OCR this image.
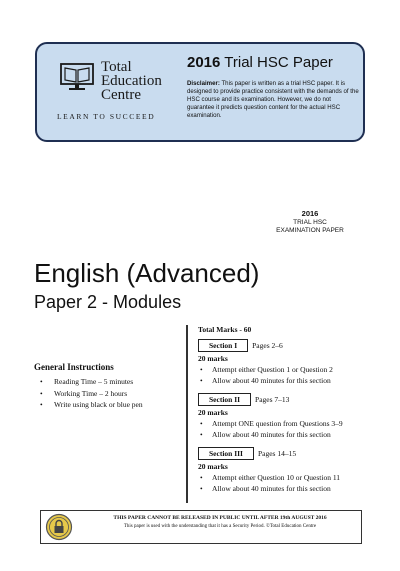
Total
Education
Centre
LEARN TO SUCCEED
2016 Trial HSC Paper
Disclaimer: This paper is written as a trial HSC paper. It is designed to provide practice consistent with the demands of the HSC course and its examination. However, we do not guarantee it predicts question content for the actual HSC examination.
2016
TRIAL HSC
EXAMINATION PAPER
English (Advanced)
Paper 2 - Modules
General Instructions
• Reading Time – 5 minutes
• Working Time – 2 hours
• Write using black or blue pen
Total Marks - 60
Section I	Pages 2–6
20 marks
• Attempt either Question 1 or Question 2
• Allow about 40 minutes for this section
Section II	Pages 7–13
20 marks
• Attempt ONE question from Questions 3–9
• Allow about 40 minutes for this section
Section III	Pages 14–15
20 marks
• Attempt either Question 10 or Question 11
• Allow about 40 minutes for this section
THIS PAPER CANNOT BE RELEASED IN PUBLIC UNTIL AFTER 19th AUGUST 2016
This paper is used with the understanding that it has a Security Period. ©Total Education Centre
